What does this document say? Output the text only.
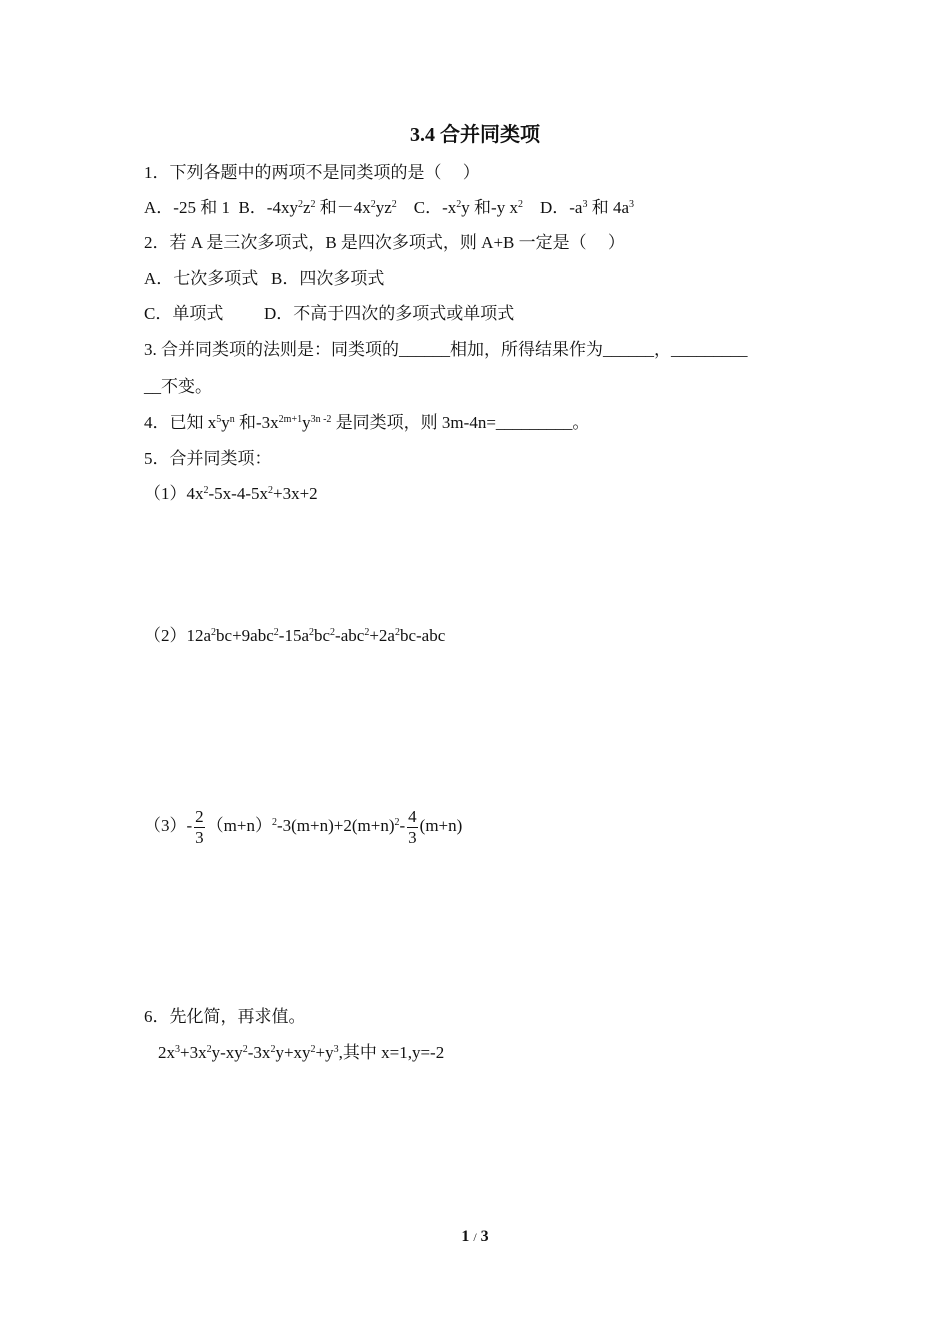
3.4 合并同类项
1．下列各题中的两项不是同类项的是（　 ）
A．-25 和 1 B．$-4xy^2z^2$ 和$-4x^2yz^2$ C．$-x^2y$ 和-y $x^2$ D．$-a^3$ 和 $4a^3$
2．若 A 是三次多项式，B 是四次多项式，则 A+B 一定是（　 ）
A．七次多项式 B．四次多项式
C．单项式 D．不高于四次的多项式或单项式
3. 合并同类项的法则是：同类项的______相加，所得结果作为______，_________
__不变。
4．已知 $x^5y^n$ 和$-3x^{2m+1}y^{3n -2}$ 是同类项，则 3m-4n=_________。
5．合并同类项：
$(1)4x^2-5x-4-5x^2+3x+2$
$(2)12a^2bc+9abc^2-15a^2bc^2-abc^2+2a^2bc$-abc
$(3)- \frac{2}{3} (m+n)^2-3(m+n)+2(m+n)^2- \frac{4}{3} (m+n)$
6．先化简，再求值。
$2x^3+3x^2y-xy^2-3x^2y+xy^2+y^3$,其中 x=1,y=-2
1 / 3
